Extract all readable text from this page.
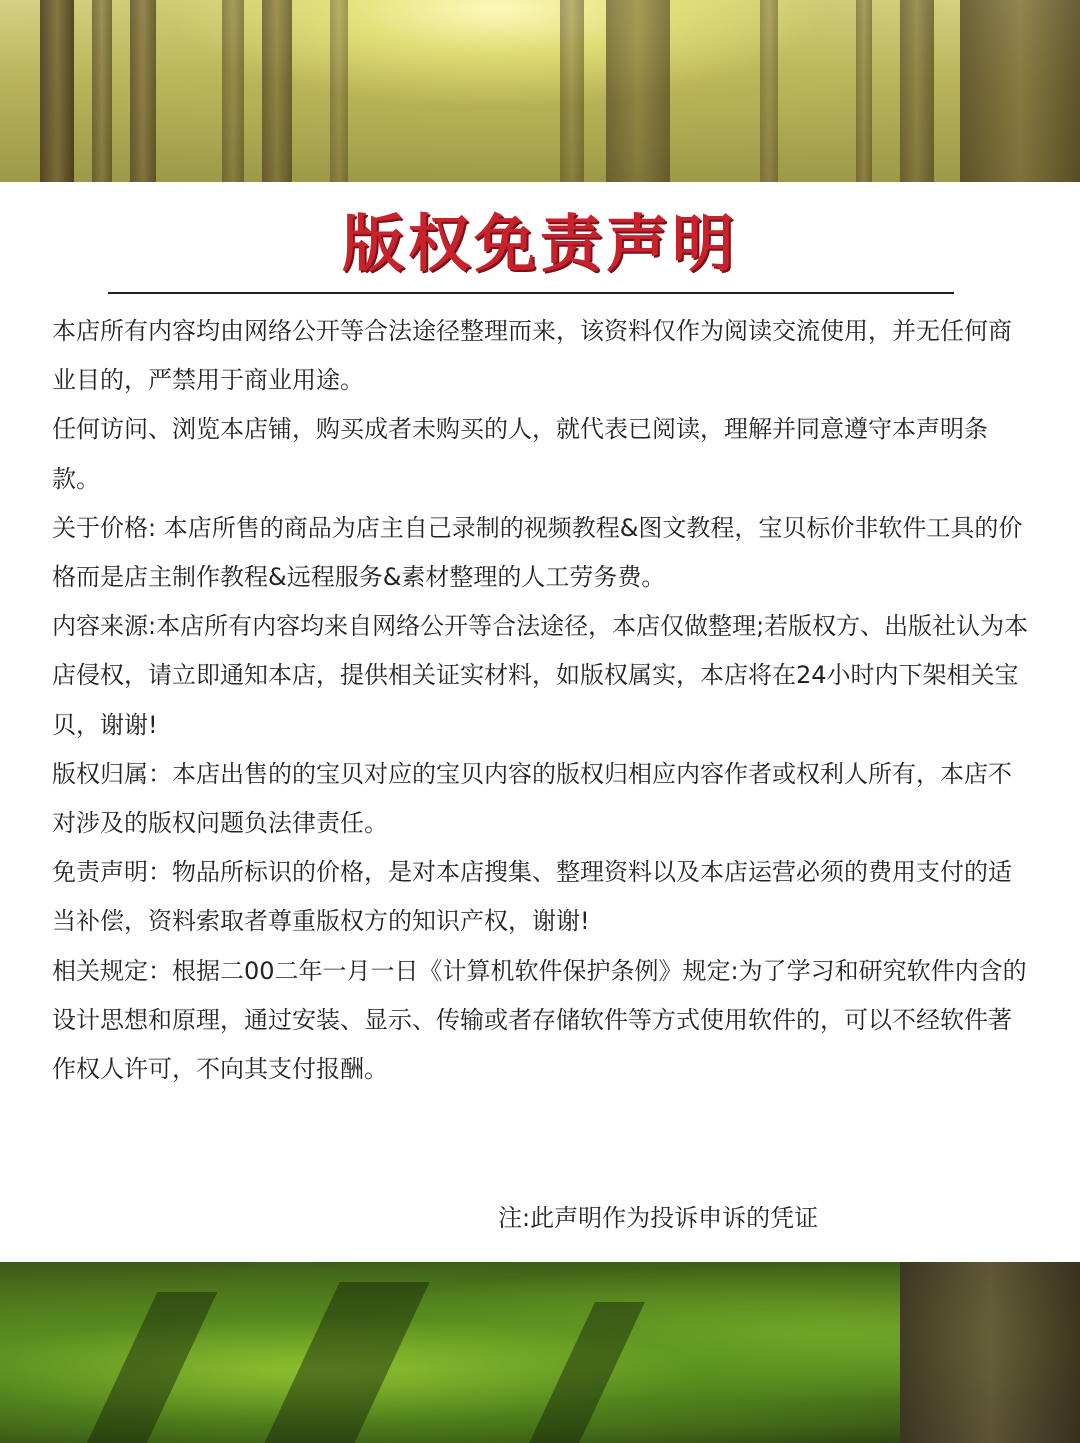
版权免责声明

本店所有内容均由网络公开等合法途径整理而来，该资料仅作为阅读交流使用，并无任何商业目的，严禁用于商业用途。

任何访问、浏览本店铺，购买成者未购买的人，就代表已阅读，理解并同意遵守本声明条款。

关于价格: 本店所售的商品为店主自己录制的视频教程&图文教程，宝贝标价非软件工具的价格而是店主制作教程&远程服务&素材整理的人工劳务费。

内容来源:本店所有内容均来自网络公开等合法途径，本店仅做整理;若版权方、出版社认为本店侵权，请立即通知本店，提供相关证实材料，如版权属实，本店将在24小时内下架相关宝贝，谢谢!

版权归属：本店出售的的宝贝对应的宝贝内容的版权归相应内容作者或权利人所有，本店不对涉及的版权问题负法律责任。

免责声明：物品所标识的价格，是对本店搜集、整理资料以及本店运营必须的费用支付的适当补偿，资料索取者尊重版权方的知识产权，谢谢!

相关规定：根据二00二年一月一日《计算机软件保护条例》规定:为了学习和研究软件内含的设计思想和原理，通过安装、显示、传输或者存储软件等方式使用软件的，可以不经软件著作权人许可，不向其支付报酬。

注:此声明作为投诉申诉的凭证
